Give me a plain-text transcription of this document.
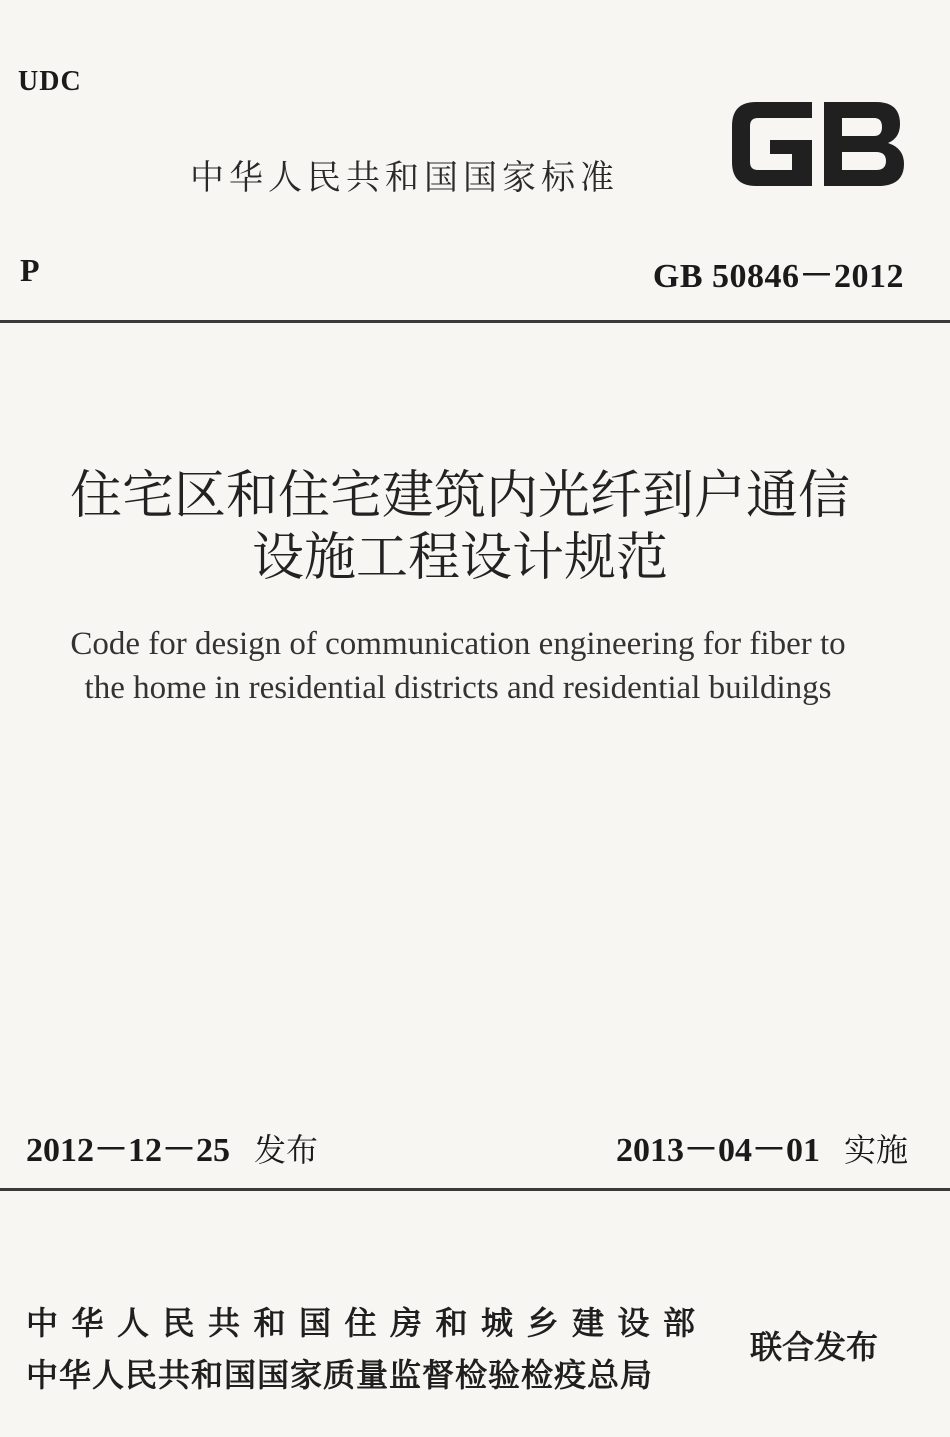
UDC
中华人民共和国国家标准
GB
P	GB 50846－2012
住宅区和住宅建筑内光纤到户通信
设施工程设计规范
Code for design of communication engineering for fiber to
the home in residential districts and residential buildings
2012－12－25 发布	2013－04－01 实施
中华人民共和国住房和城乡建设部
中华人民共和国国家质量监督检验检疫总局
联合发布
